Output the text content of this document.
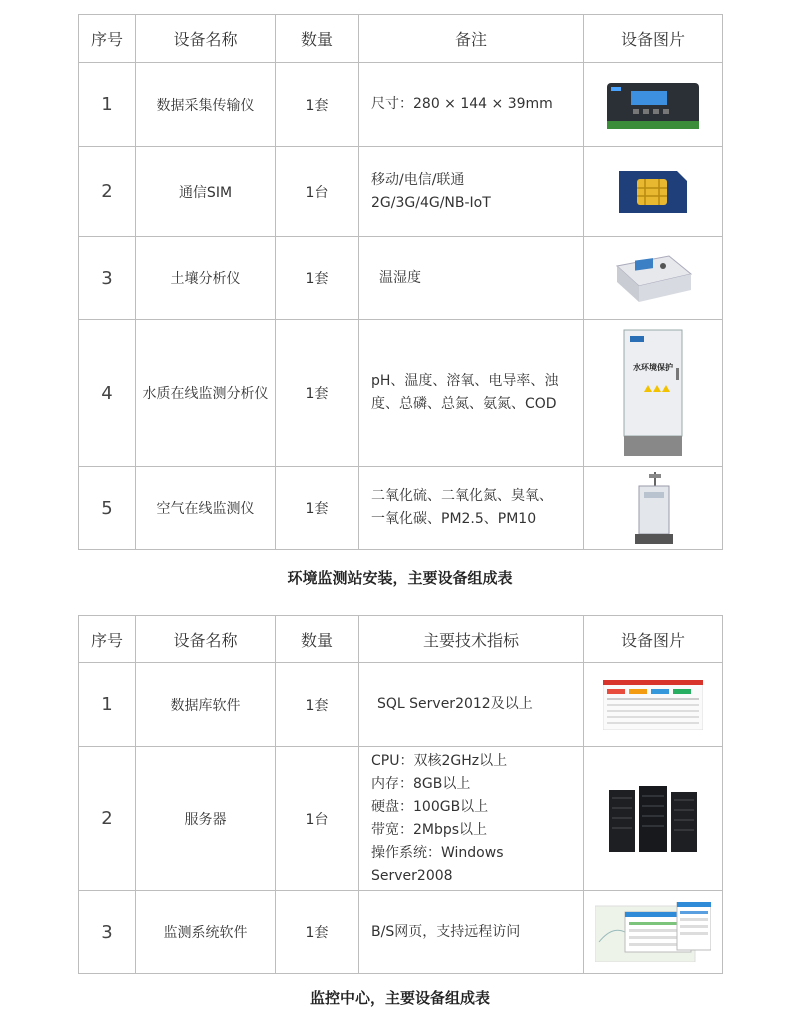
序号	设备名称	数量	备注	设备图片
1	数据采集传输仪	1套	尺寸：280 × 144 × 39mm	

2	通信SIM	1台	移动/电信/联通
2G/3G/4G/NB-IoT	

3	土壤分析仪	1套	温湿度	

4	水质在线监测分析仪	1套	pH、温度、溶氧、电导率、浊
度、总磷、总氮、氨氮、COD	水环境保护

5	空气在线监测仪	1套	二氧化硫、二氧化氮、臭氧、
一氧化碳、PM2.5、PM10	
环境监测站安装，主要设备组成表
序号	设备名称	数量	主要技术指标	设备图片
1	数据库软件	1套	SQL Server2012及以上	

2	服务器	1台	CPU：双核2GHz以上
内存：8GB以上
硬盘：100GB以上
带宽：2Mbps以上
操作系统：Windows Server2008	

3	监测系统软件	1套	B/S网页，支持远程访问	
监控中心，主要设备组成表
